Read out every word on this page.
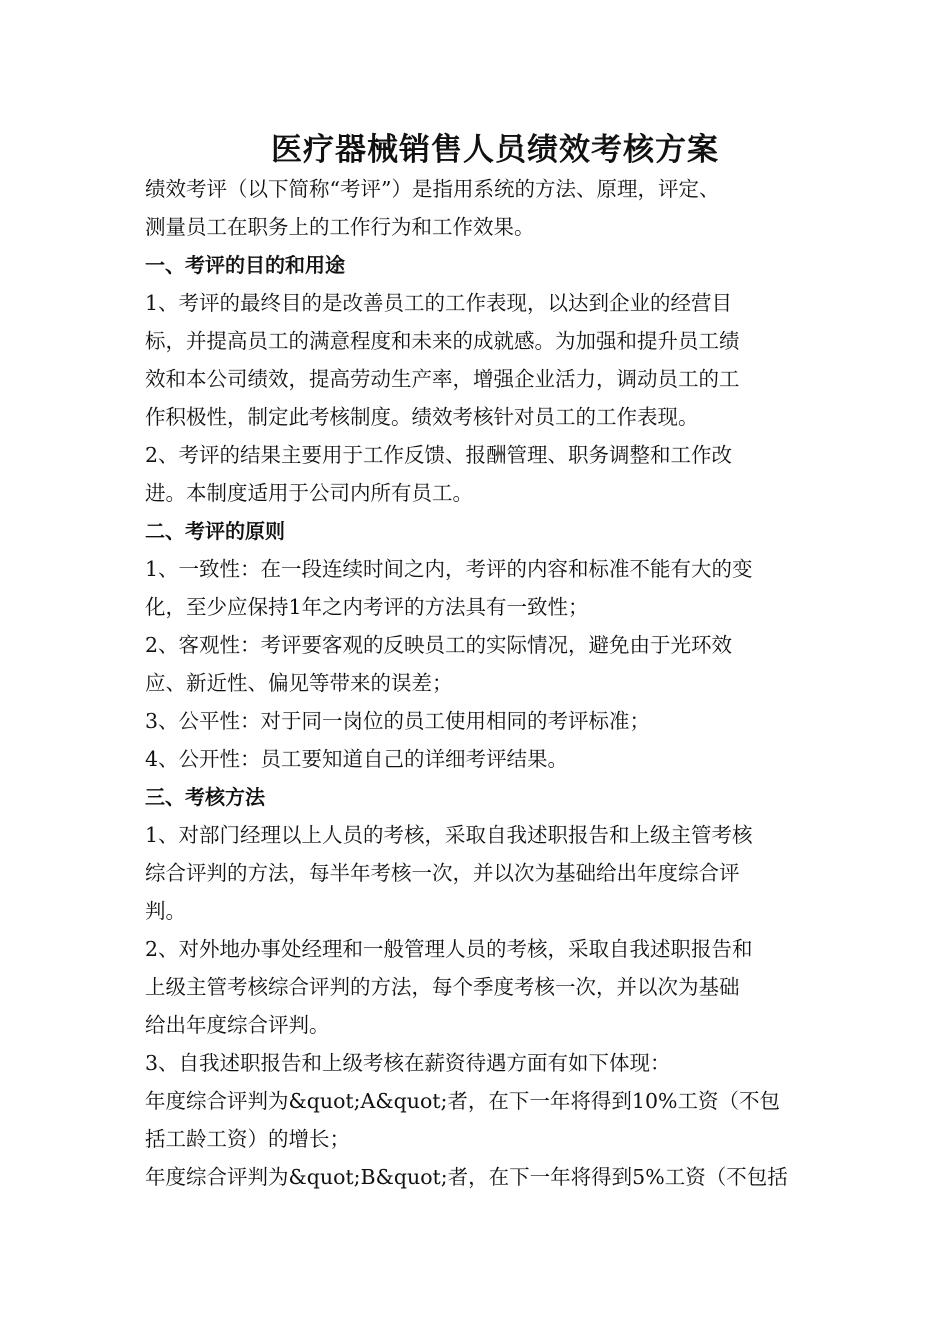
医疗器械销售人员绩效考核方案
绩效考评（以下简称“考评”）是指用系统的方法、原理，评定、
测量员工在职务上的工作行为和工作效果。
一、考评的目的和用途
1、考评的最终目的是改善员工的工作表现，以达到企业的经营目
标，并提高员工的满意程度和未来的成就感。为加强和提升员工绩
效和本公司绩效，提高劳动生产率，增强企业活力，调动员工的工
作积极性，制定此考核制度。绩效考核针对员工的工作表现。
2、考评的结果主要用于工作反馈、报酬管理、职务调整和工作改
进。本制度适用于公司内所有员工。
二、考评的原则
1、一致性：在一段连续时间之内，考评的内容和标准不能有大的变
化，至少应保持1年之内考评的方法具有一致性；
2、客观性：考评要客观的反映员工的实际情况，避免由于光环效
应、新近性、偏见等带来的误差；
3、公平性：对于同一岗位的员工使用相同的考评标准；
4、公开性：员工要知道自己的详细考评结果。
三、考核方法
1、对部门经理以上人员的考核，采取自我述职报告和上级主管考核
综合评判的方法，每半年考核一次，并以次为基础给出年度综合评
判。
2、对外地办事处经理和一般管理人员的考核，采取自我述职报告和
上级主管考核综合评判的方法，每个季度考核一次，并以次为基础
给出年度综合评判。
3、自我述职报告和上级考核在薪资待遇方面有如下体现：
年度综合评判为&quot;A&quot;者，在下一年将得到10%工资（不包
括工龄工资）的增长；
年度综合评判为&quot;B&quot;者，在下一年将得到5%工资（不包括
